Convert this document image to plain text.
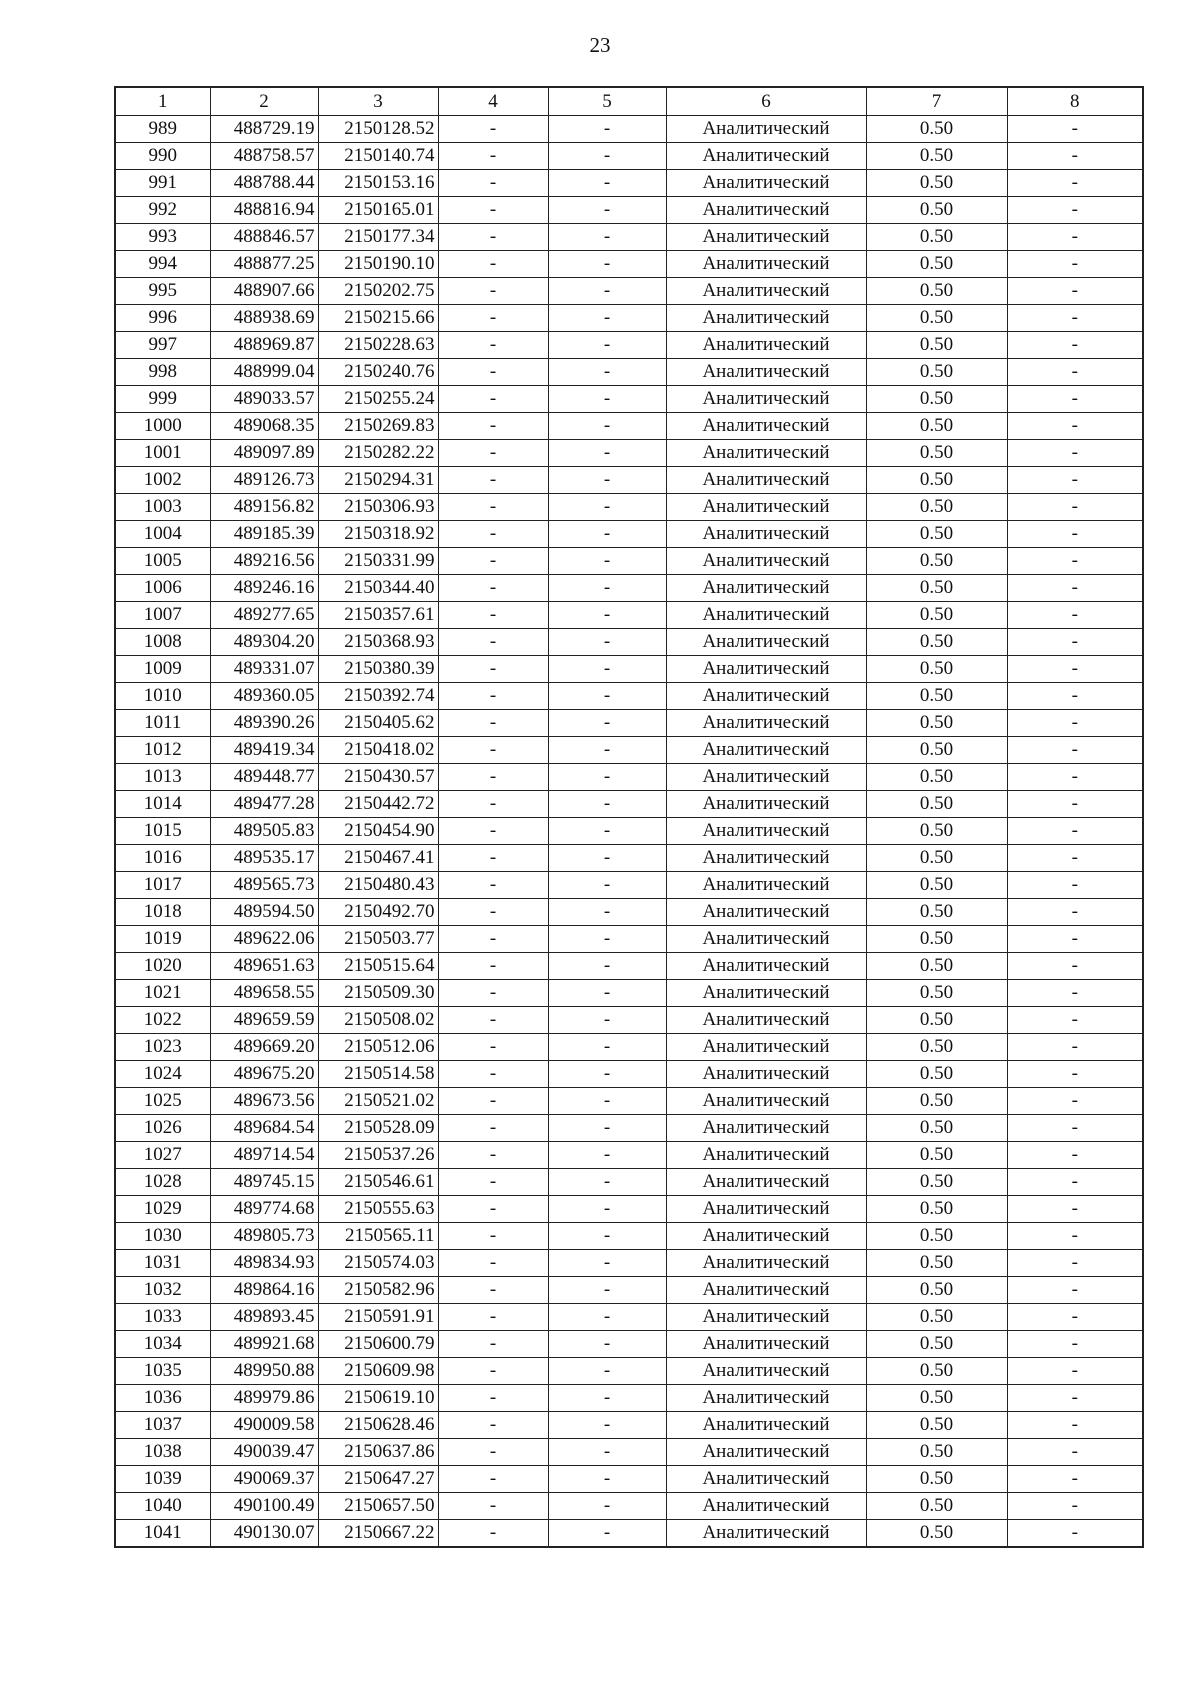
23
1	2	3	4	5	6	7	8
989	488729.19	2150128.52	-	-	Аналитический	0.50	-
990	488758.57	2150140.74	-	-	Аналитический	0.50	-
991	488788.44	2150153.16	-	-	Аналитический	0.50	-
992	488816.94	2150165.01	-	-	Аналитический	0.50	-
993	488846.57	2150177.34	-	-	Аналитический	0.50	-
994	488877.25	2150190.10	-	-	Аналитический	0.50	-
995	488907.66	2150202.75	-	-	Аналитический	0.50	-
996	488938.69	2150215.66	-	-	Аналитический	0.50	-
997	488969.87	2150228.63	-	-	Аналитический	0.50	-
998	488999.04	2150240.76	-	-	Аналитический	0.50	-
999	489033.57	2150255.24	-	-	Аналитический	0.50	-
1000	489068.35	2150269.83	-	-	Аналитический	0.50	-
1001	489097.89	2150282.22	-	-	Аналитический	0.50	-
1002	489126.73	2150294.31	-	-	Аналитический	0.50	-
1003	489156.82	2150306.93	-	-	Аналитический	0.50	-
1004	489185.39	2150318.92	-	-	Аналитический	0.50	-
1005	489216.56	2150331.99	-	-	Аналитический	0.50	-
1006	489246.16	2150344.40	-	-	Аналитический	0.50	-
1007	489277.65	2150357.61	-	-	Аналитический	0.50	-
1008	489304.20	2150368.93	-	-	Аналитический	0.50	-
1009	489331.07	2150380.39	-	-	Аналитический	0.50	-
1010	489360.05	2150392.74	-	-	Аналитический	0.50	-
1011	489390.26	2150405.62	-	-	Аналитический	0.50	-
1012	489419.34	2150418.02	-	-	Аналитический	0.50	-
1013	489448.77	2150430.57	-	-	Аналитический	0.50	-
1014	489477.28	2150442.72	-	-	Аналитический	0.50	-
1015	489505.83	2150454.90	-	-	Аналитический	0.50	-
1016	489535.17	2150467.41	-	-	Аналитический	0.50	-
1017	489565.73	2150480.43	-	-	Аналитический	0.50	-
1018	489594.50	2150492.70	-	-	Аналитический	0.50	-
1019	489622.06	2150503.77	-	-	Аналитический	0.50	-
1020	489651.63	2150515.64	-	-	Аналитический	0.50	-
1021	489658.55	2150509.30	-	-	Аналитический	0.50	-
1022	489659.59	2150508.02	-	-	Аналитический	0.50	-
1023	489669.20	2150512.06	-	-	Аналитический	0.50	-
1024	489675.20	2150514.58	-	-	Аналитический	0.50	-
1025	489673.56	2150521.02	-	-	Аналитический	0.50	-
1026	489684.54	2150528.09	-	-	Аналитический	0.50	-
1027	489714.54	2150537.26	-	-	Аналитический	0.50	-
1028	489745.15	2150546.61	-	-	Аналитический	0.50	-
1029	489774.68	2150555.63	-	-	Аналитический	0.50	-
1030	489805.73	2150565.11	-	-	Аналитический	0.50	-
1031	489834.93	2150574.03	-	-	Аналитический	0.50	-
1032	489864.16	2150582.96	-	-	Аналитический	0.50	-
1033	489893.45	2150591.91	-	-	Аналитический	0.50	-
1034	489921.68	2150600.79	-	-	Аналитический	0.50	-
1035	489950.88	2150609.98	-	-	Аналитический	0.50	-
1036	489979.86	2150619.10	-	-	Аналитический	0.50	-
1037	490009.58	2150628.46	-	-	Аналитический	0.50	-
1038	490039.47	2150637.86	-	-	Аналитический	0.50	-
1039	490069.37	2150647.27	-	-	Аналитический	0.50	-
1040	490100.49	2150657.50	-	-	Аналитический	0.50	-
1041	490130.07	2150667.22	-	-	Аналитический	0.50	-
